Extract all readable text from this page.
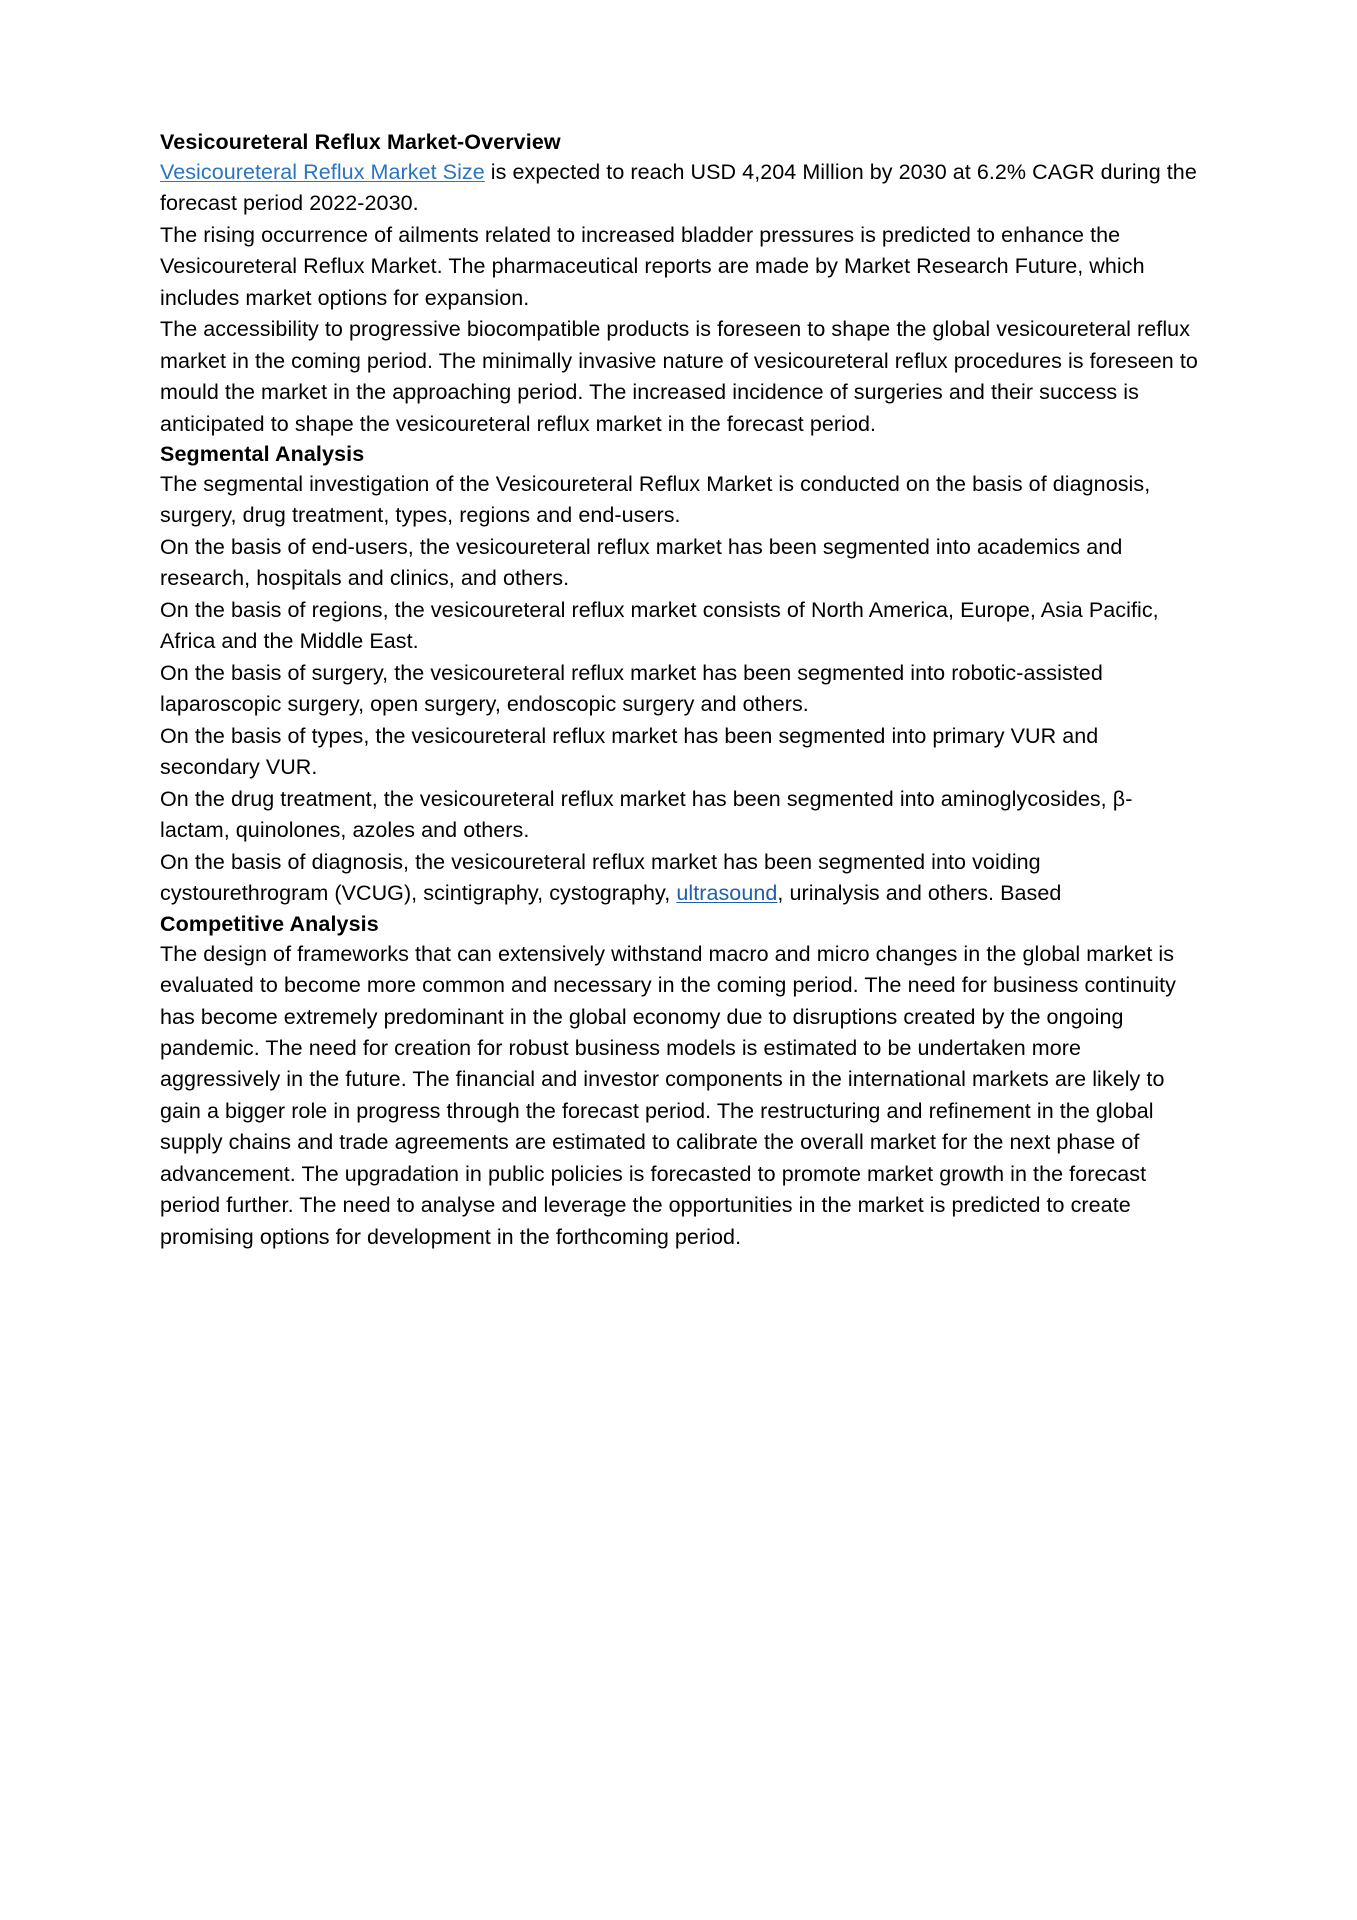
Vesicoureteral Reflux Market-Overview

Vesicoureteral Reflux Market Size is expected to reach USD 4,204 Million by 2030 at 6.2% CAGR during the forecast period 2022-2030.

The rising occurrence of ailments related to increased bladder pressures is predicted to enhance the Vesicoureteral Reflux Market. The pharmaceutical reports are made by Market Research Future, which includes market options for expansion.

The accessibility to progressive biocompatible products is foreseen to shape the global vesicoureteral reflux market in the coming period. The minimally invasive nature of vesicoureteral reflux procedures is foreseen to mould the market in the approaching period. The increased incidence of surgeries and their success is anticipated to shape the vesicoureteral reflux market in the forecast period.

Segmental Analysis

The segmental investigation of the Vesicoureteral Reflux Market is conducted on the basis of diagnosis, surgery, drug treatment, types, regions and end-users.

On the basis of end-users, the vesicoureteral reflux market has been segmented into academics and research, hospitals and clinics, and others.

On the basis of regions, the vesicoureteral reflux market consists of North America, Europe, Asia Pacific, Africa and the Middle East.

On the basis of surgery, the vesicoureteral reflux market has been segmented into robotic-assisted laparoscopic surgery, open surgery, endoscopic surgery and others.

On the basis of types, the vesicoureteral reflux market has been segmented into primary VUR and secondary VUR.

On the drug treatment, the vesicoureteral reflux market has been segmented into aminoglycosides, β-lactam, quinolones, azoles and others.

On the basis of diagnosis, the vesicoureteral reflux market has been segmented into voiding cystourethrogram (VCUG), scintigraphy, cystography, ultrasound, urinalysis and others. Based

Competitive Analysis

The design of frameworks that can extensively withstand macro and micro changes in the global market is evaluated to become more common and necessary in the coming period. The need for business continuity has become extremely predominant in the global economy due to disruptions created by the ongoing pandemic. The need for creation for robust business models is estimated to be undertaken more aggressively in the future. The financial and investor components in the international markets are likely to gain a bigger role in progress through the forecast period. The restructuring and refinement in the global supply chains and trade agreements are estimated to calibrate the overall market for the next phase of advancement. The upgradation in public policies is forecasted to promote market growth in the forecast period further. The need to analyse and leverage the opportunities in the market is predicted to create promising options for development in the forthcoming period.
